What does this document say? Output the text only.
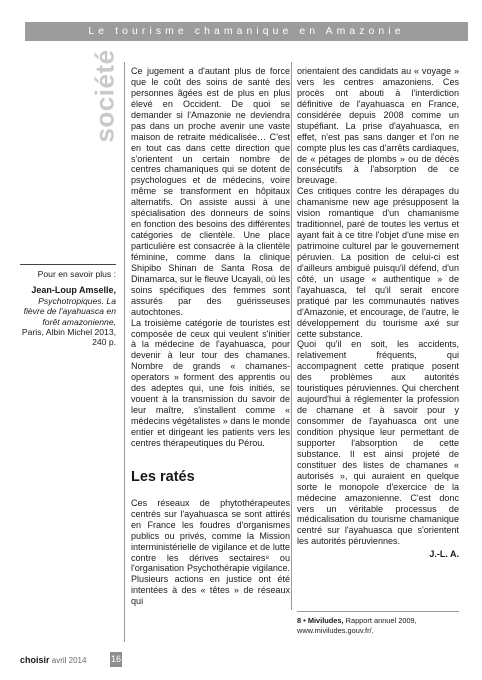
Le tourisme chamanique en Amazonie
société
Pour en savoir plus :
Jean-Loup Amselle,
Psychotropiques. La fièvre de l'ayahuasca en forêt amazonienne,
Paris, Albin Michel 2013, 240 p.

Ce jugement a d'autant plus de force que le coût des soins de santé des personnes âgées est de plus en plus élevé en Occident. De quoi se demander si l'Amazonie ne deviendra pas dans un proche avenir une vaste maison de retraite médicalisée… C'est en tout cas dans cette direction que s'orientent un certain nombre de centres chamaniques qui se dotent de psychologues et de médecins, voire même se transforment en hôpitaux alternatifs. On assiste aussi à une spécialisation des donneurs de soins en fonction des besoins des différentes catégories de clientèle. Une place particulière est consacrée à la clientèle féminine, comme dans la clinique Shipibo Shinan de Santa Rosa de Dinamarca, sur le fleuve Ucayali, où les soins spécifiques des femmes sont assurés par des guérisseuses autochtones.

La troisième catégorie de touristes est composée de ceux qui veulent s'initier à la médecine de l'ayahuasca, pour devenir à leur tour des chamanes. Nombre de grands « chamanes-operators » forment des apprentis ou des adeptes qui, une fois initiés, se vouent à la transmission du savoir de leur maître, s'installent comme « médecins végétalistes » dans le monde entier et dirigeant les patients vers les centres thérapeutiques du Pérou.

Les ratés

Ces réseaux de phytothérapeutes centrés sur l'ayahuasca se sont attirés en France les foudres d'organismes publics ou privés, comme la Mission interministérielle de vigilance et de lutte contre les dérives sectaires⁸ ou l'organisation Psychothérapie vigilance. Plusieurs actions en justice ont été intentées à des « têtes » de réseaux qui

orientaient des candidats au « voyage » vers les centres amazoniens. Ces procès ont abouti à l'interdiction définitive de l'ayahuasca en France, considérée depuis 2008 comme un stupéfiant. La prise d'ayahuasca, en effet, n'est pas sans danger et l'on ne compte plus les cas d'arrêts cardiaques, de « pétages de plombs » ou de décès consécutifs à l'absorption de ce breuvage.

Ces critiques contre les dérapages du chamanisme new age présupposent la vision romantique d'un chamanisme traditionnel, paré de toutes les vertus et ayant fait à ce titre l'objet d'une mise en patrimoine culturel par le gouvernement péruvien. La position de celui-ci est d'ailleurs ambiguë puisqu'il défend, d'un côté, un usage « authentique » de l'ayahuasca, tel qu'il serait encore pratiqué par les communautés natives d'Amazonie, et encourage, de l'autre, le développement du tourisme axé sur cette substance.

Quoi qu'il en soit, les accidents, relativement fréquents, qui accompagnent cette pratique posent des problèmes aux autorités touristiques péruviennes. Qui cherchent aujourd'hui à réglementer la profession de chamane et à savoir pour y consommer de l'ayahuasca ont une condition physique leur permettant de supporter l'absorption de cette substance. Il est ainsi projeté de constituer des listes de chamanes « autorisés », qui auraient en quelque sorte le monopole d'exercice de la médecine amazonienne. C'est donc vers un véritable processus de médicalisation du tourisme chamanique centré sur l'ayahuasca que s'orientent les autorités péruviennes.

J.-L. A.
8 • Miviludes, Rapport annuel 2009, www.miviludes.gouv.fr/.
choisir avril 2014	16
